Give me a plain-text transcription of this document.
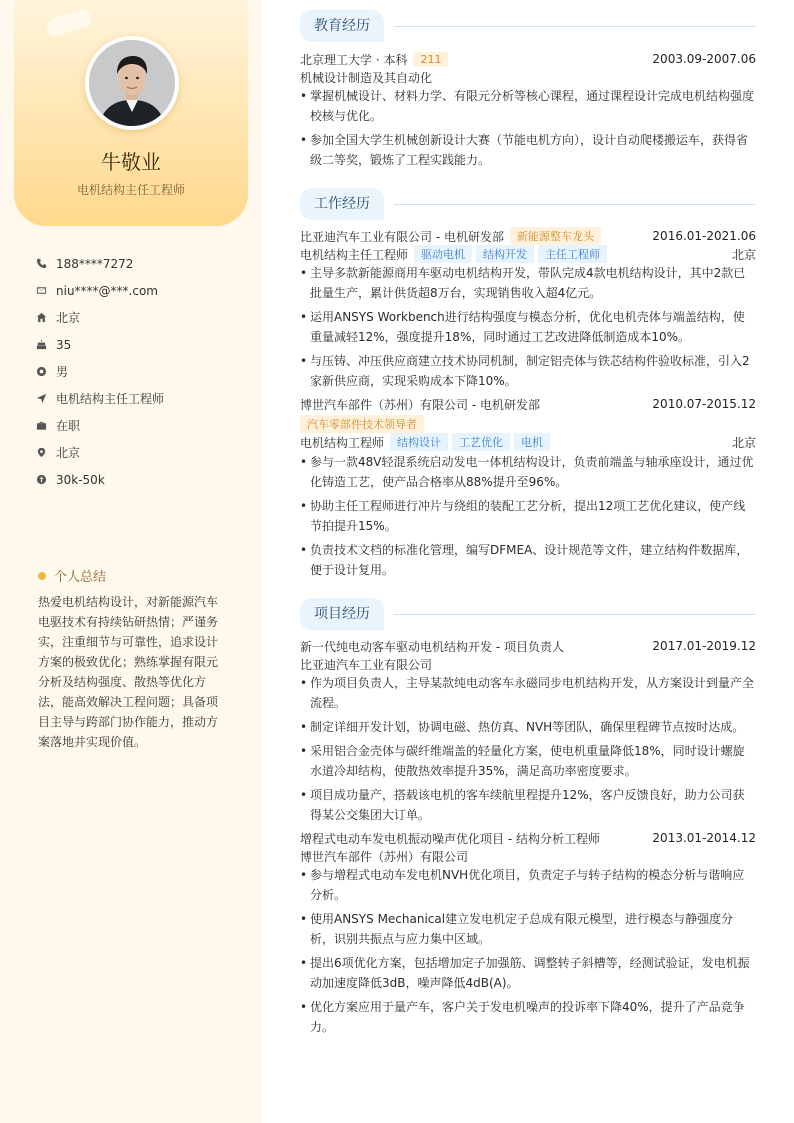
牛敬业
电机结构主任工程师
188****7272
niu****@***.com
北京
35
男
电机结构主任工程师
在职
北京
30k-50k
个人总结
热爱电机结构设计，对新能源汽车电驱技术有持续钻研热情；严谨务实，注重细节与可靠性，追求设计方案的极致优化；熟练掌握有限元分析及结构强度、散热等优化方法，能高效解决工程问题；具备项目主导与跨部门协作能力，推动方案落地并实现价值。
教育经历
北京理工大学 · 本科	211	2003.09-2007.06
机械设计制造及其自动化
• 掌握机械设计、材料力学、有限元分析等核心课程，通过课程设计完成电机结构强度校核与优化。
• 参加全国大学生机械创新设计大赛（节能电机方向），设计自动爬楼搬运车，获得省级二等奖，锻炼了工程实践能力。
工作经历
比亚迪汽车工业有限公司 - 电机研发部	新能源整车龙头	2016.01-2021.06
电机结构主任工程师	驱动电机	结构开发	主任工程师	北京
• 主导多款新能源商用车驱动电机结构开发，带队完成4款电机结构设计，其中2款已批量生产，累计供货超8万台，实现销售收入超4亿元。
• 运用ANSYS Workbench进行结构强度与模态分析，优化电机壳体与端盖结构，使重量减轻12%，强度提升18%，同时通过工艺改进降低制造成本10%。
• 与压铸、冲压供应商建立技术协同机制，制定铝壳体与铁芯结构件验收标准，引入2家新供应商，实现采购成本下降10%。
博世汽车部件（苏州）有限公司 - 电机研发部	2010.07-2015.12
汽车零部件技术领导者
电机结构工程师	结构设计	工艺优化	电机	北京
• 参与一款48V轻混系统启动发电一体机结构设计，负责前端盖与轴承座设计，通过优化铸造工艺，使产品合格率从88%提升至96%。
• 协助主任工程师进行冲片与绕组的装配工艺分析，提出12项工艺优化建议，使产线节拍提升15%。
• 负责技术文档的标准化管理，编写DFMEA、设计规范等文件，建立结构件数据库，便于设计复用。
项目经历
新一代纯电动客车驱动电机结构开发 - 项目负责人	2017.01-2019.12
比亚迪汽车工业有限公司
• 作为项目负责人，主导某款纯电动客车永磁同步电机结构开发，从方案设计到量产全流程。
• 制定详细开发计划，协调电磁、热仿真、NVH等团队，确保里程碑节点按时达成。
• 采用铝合金壳体与碳纤维端盖的轻量化方案，使电机重量降低18%，同时设计螺旋水道冷却结构，使散热效率提升35%，满足高功率密度要求。
• 项目成功量产，搭载该电机的客车续航里程提升12%，客户反馈良好，助力公司获得某公交集团大订单。
增程式电动车发电机振动噪声优化项目 - 结构分析工程师	2013.01-2014.12
博世汽车部件（苏州）有限公司
• 参与增程式电动车发电机NVH优化项目，负责定子与转子结构的模态分析与谐响应分析。
• 使用ANSYS Mechanical建立发电机定子总成有限元模型，进行模态与静强度分析，识别共振点与应力集中区域。
• 提出6项优化方案，包括增加定子加强筋、调整转子斜槽等，经测试验证，发电机振动加速度降低3dB，噪声降低4dB(A)。
• 优化方案应用于量产车，客户关于发电机噪声的投诉率下降40%，提升了产品竞争力。
